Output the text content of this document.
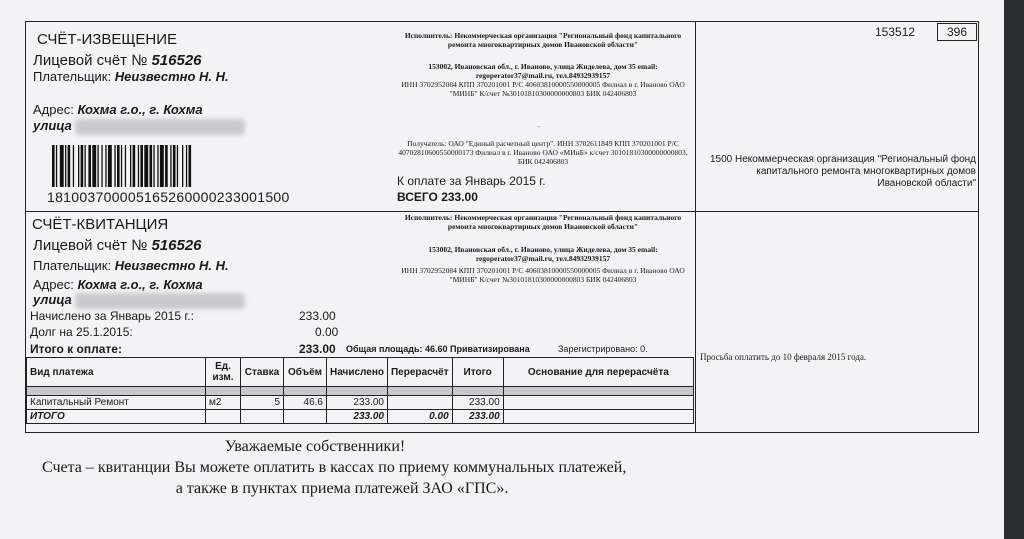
СЧЁТ-ИЗВЕЩЕНИЕ
Лицевой счёт № 516526
Плательщик: Неизвестно Н. Н.
Адрес: Кохма г.о., г. Кохма
улица
181003700005165260000233001500
Исполнитель: Некоммерческая организация "Региональный фонд капитального ремонта многоквартирных домов Ивановской области"
153002, Ивановская обл., г. Иваново, улица Жиделева, дом 35 email: regoperator37@mail.ru, тел.84932939157
ИНН 3702952084 КПП 370201001 Р/С 40603810000550000005 Филиал в г. Иваново ОАО "МИНБ" К/счет №30101810300000000803 БИК 042406803
.
Получатель: ОАО "Единый расчетный центр". ИНН 3702611849 КПП 370201001 Р/С 40702810600550000173 Филиал в г. Иваново ОАО «МИнБ» к/счет 30101810300000000803, БИК 042406803
К оплате за Январь 2015 г.
ВСЕГО 233.00
153512	396
1500 Некоммерческая организация "Региональный фонд капитального ремонта многоквартирных домов Ивановской области"
СЧЁТ-КВИТАНЦИЯ
Лицевой счёт № 516526
Плательщик: Неизвестно Н. Н.
Адрес: Кохма г.о., г. Кохма
улица
Начислено за Январь 2015 г.:	233.00
Долг на 25.1.2015:	0.00
Итого к оплате:	233.00 Общая площадь: 46.60 Приватизирована	Зарегистрировано: 0.
Исполнитель: Некоммерческая организация "Региональный фонд капитального ремонта многоквартирных домов Ивановской области"
153002, Ивановская обл., г. Иваново, улица Жиделева, дом 35 email: regoperator37@mail.ru, тел.84932939157
ИНН 3702952084 КПП 370201001 Р/С 40603810000550000005 Филиал в г. Иваново ОАО "МИНБ" К/счет №30101810300000000803 БИК 042406803
Просьба оплатить до 10 февраля 2015 года.
Вид платежа	Ед. изм.	Ставка	Объём	Начислено	Перерасчёт	Итого	Основание для перерасчёта

Капитальный Ремонт	м2	5	46.6	233.00		233.00	
ИТОГО				233.00	0.00	233.00	
Уважаемые собственники!
Счета – квитанции Вы можете оплатить в кассах по приему коммунальных платежей,
а также в пунктах приема платежей ЗАО «ГПС».
